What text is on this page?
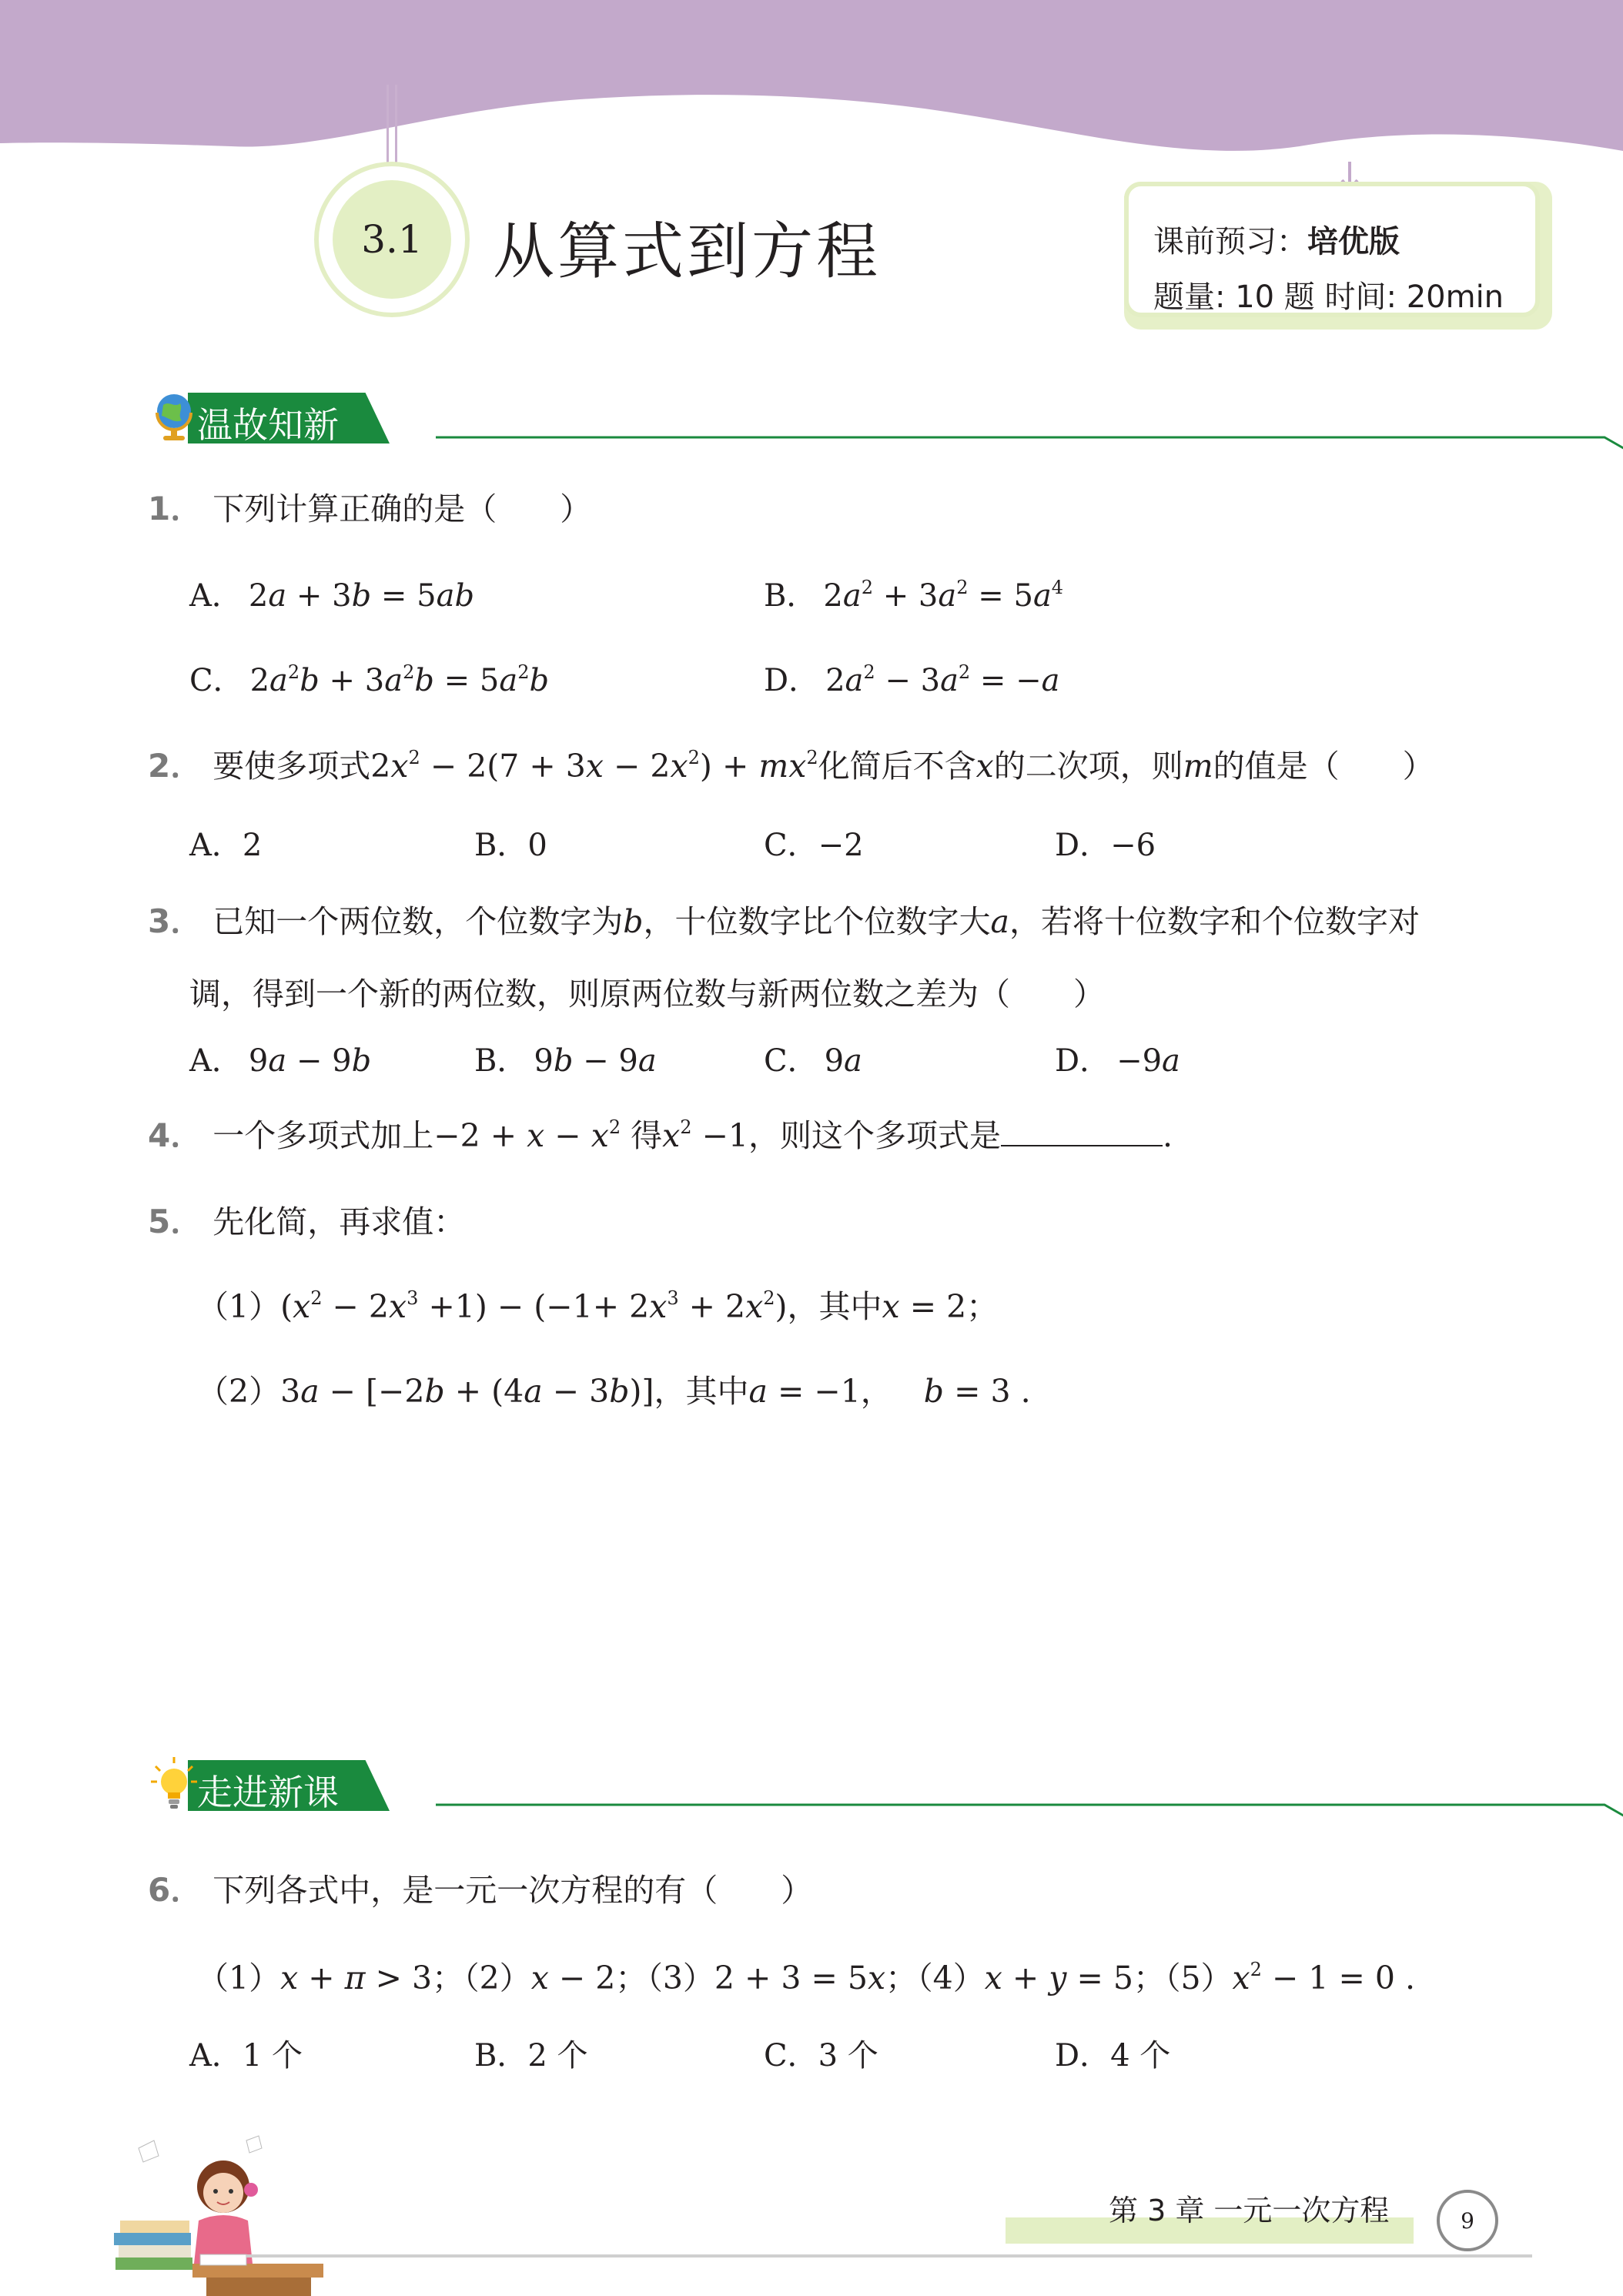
3.1	从算式到方程	课前预习：培优版
题量: 10 题 时间: 20min
温故知新
1． 下列计算正确的是（　　）
A． 2a + 3b = 5ab	B． $2a^2 + 3a^2 = 5a^4$
C． $2a^2b + 3a^2b = 5a^2b$	D． $2a^2 - 3a^2 = -a$
2． 要使多项式$2x^2 - 2(7 + 3x - 2x^2) + mx^2$化简后不含x的二次项，则m的值是（　　）
A．2	B．0	C．−2	D．−6
3． 已知一个两位数，个位数字为b，十位数字比个位数字大a，若将十位数字和个位数字对
调，得到一个新的两位数，则原两位数与新两位数之差为（　　）
A． 9a − 9b	B． 9b − 9a	C． 9a	D． −9a
4． 一个多项式加上$-2 + x - x^2$ 得$x^2 -1$，则这个多项式是	.
5． 先化简，再求值：
$(1)(x^2 - 2x^3 +1) - (-1+ 2x^3 + 2x^2)$，其中x = 2；
（2）3a − [−2b + (4a − 3b)]，其中a = −1， b = 3 .
走进新课
6． 下列各式中，是一元一次方程的有（　　）
（1）x + π > 3；（2）x − 2；（3）2 + 3 = 5x；（4）x + y = 5；$(5)x^2 - 1 = 0$ .
A．1 个	B．2 个	C．3 个	D．4 个
第 3 章 一元一次方程	9
